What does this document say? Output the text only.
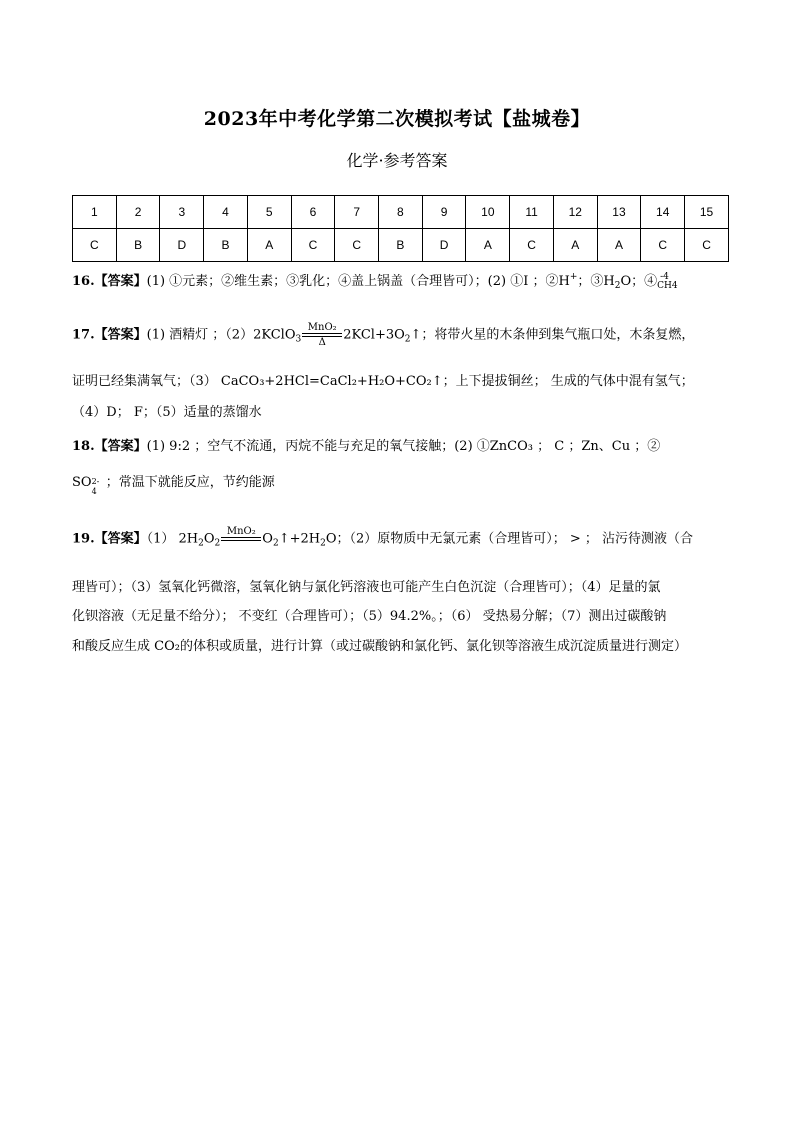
2023年中考化学第二次模拟考试【盐城卷】
化学·参考答案
1	2	3	4	5	6	7	8	9	10	11	12	13	14	15
C	B	D	B	A	C	C	B	D	A	C	A	A	C	C
16.【答案】(1) ①元素；②维生素；③乳化；④盖上锅盖（合理皆可）；(2) ①I ；②H+；$③H_2O$；④ -4
CH $_4$
17.【答案】(1) 酒精灯 ；（2）2KClO$_3$
MnO₂
Δ	$2KCl+3O_2↑$；将带火星的木条伸到集气瓶口处，木条复燃，
证明已经集满氧气；（3） CaCO₃+2HCl=CaCl₂+H₂O+CO₂↑；上下提拔铜丝； 生成的气体中混有氢气；
（4）D； F；（5）适量的蒸馏水
18.【答案】(1) 9:2 ；空气不流通，丙烷不能与充足的氧气接触；(2) ①ZnCO₃ ； C ；Zn、Cu ；②
SO 2-
4
；常温下就能反应，节约能源
19.【答案】（1） $2H_2O_2$
MnO₂
$O_2↑+2H_2O$；（2）原物质中无氯元素（合理皆可）； > ； 沾污待测液（合
理皆可）；（3）氢氧化钙微溶，氢氧化钠与氯化钙溶液也可能产生白色沉淀（合理皆可）；（4）足量的氯
化钡溶液（无足量不给分）； 不变红（合理皆可）；（5）94.2%。；（6） 受热易分解；（7）测出过碳酸钠
和酸反应生成 CO₂的体积或质量，进行计算（或过碳酸钠和氯化钙、氯化钡等溶液生成沉淀质量进行测定）
